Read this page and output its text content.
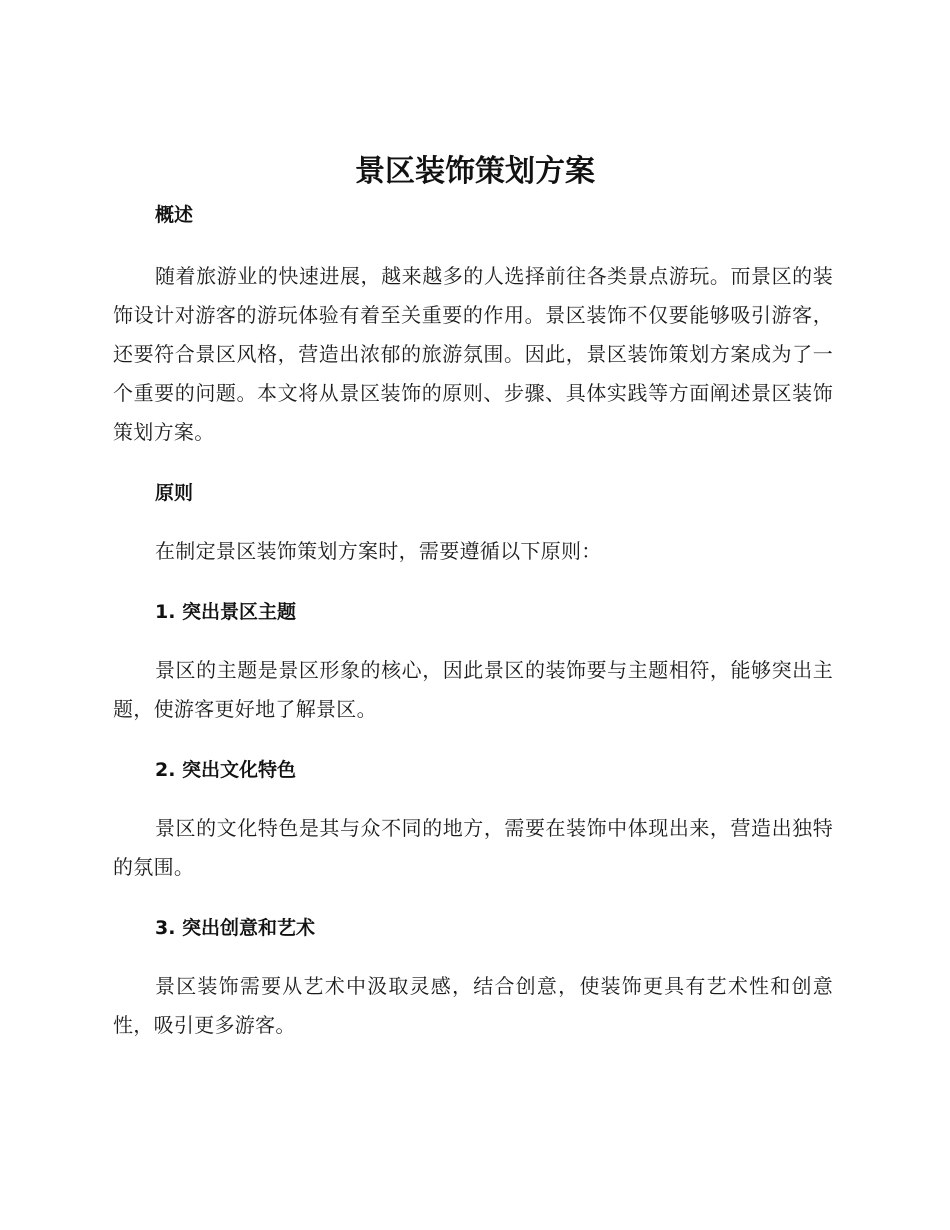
景区装饰策划方案
概述

随着旅游业的快速进展，越来越多的人选择前往各类景点游玩。而景区的装饰设计对游客的游玩体验有着至关重要的作用。景区装饰不仅要能够吸引游客，还要符合景区风格，营造出浓郁的旅游氛围。因此，景区装饰策划方案成为了一个重要的问题。本文将从景区装饰的原则、步骤、具体实践等方面阐述景区装饰策划方案。

原则

在制定景区装饰策划方案时，需要遵循以下原则：

1. 突出景区主题

景区的主题是景区形象的核心，因此景区的装饰要与主题相符，能够突出主题，使游客更好地了解景区。

2. 突出文化特色

景区的文化特色是其与众不同的地方，需要在装饰中体现出来，营造出独特的氛围。

3. 突出创意和艺术

景区装饰需要从艺术中汲取灵感，结合创意，使装饰更具有艺术性和创意性，吸引更多游客。
